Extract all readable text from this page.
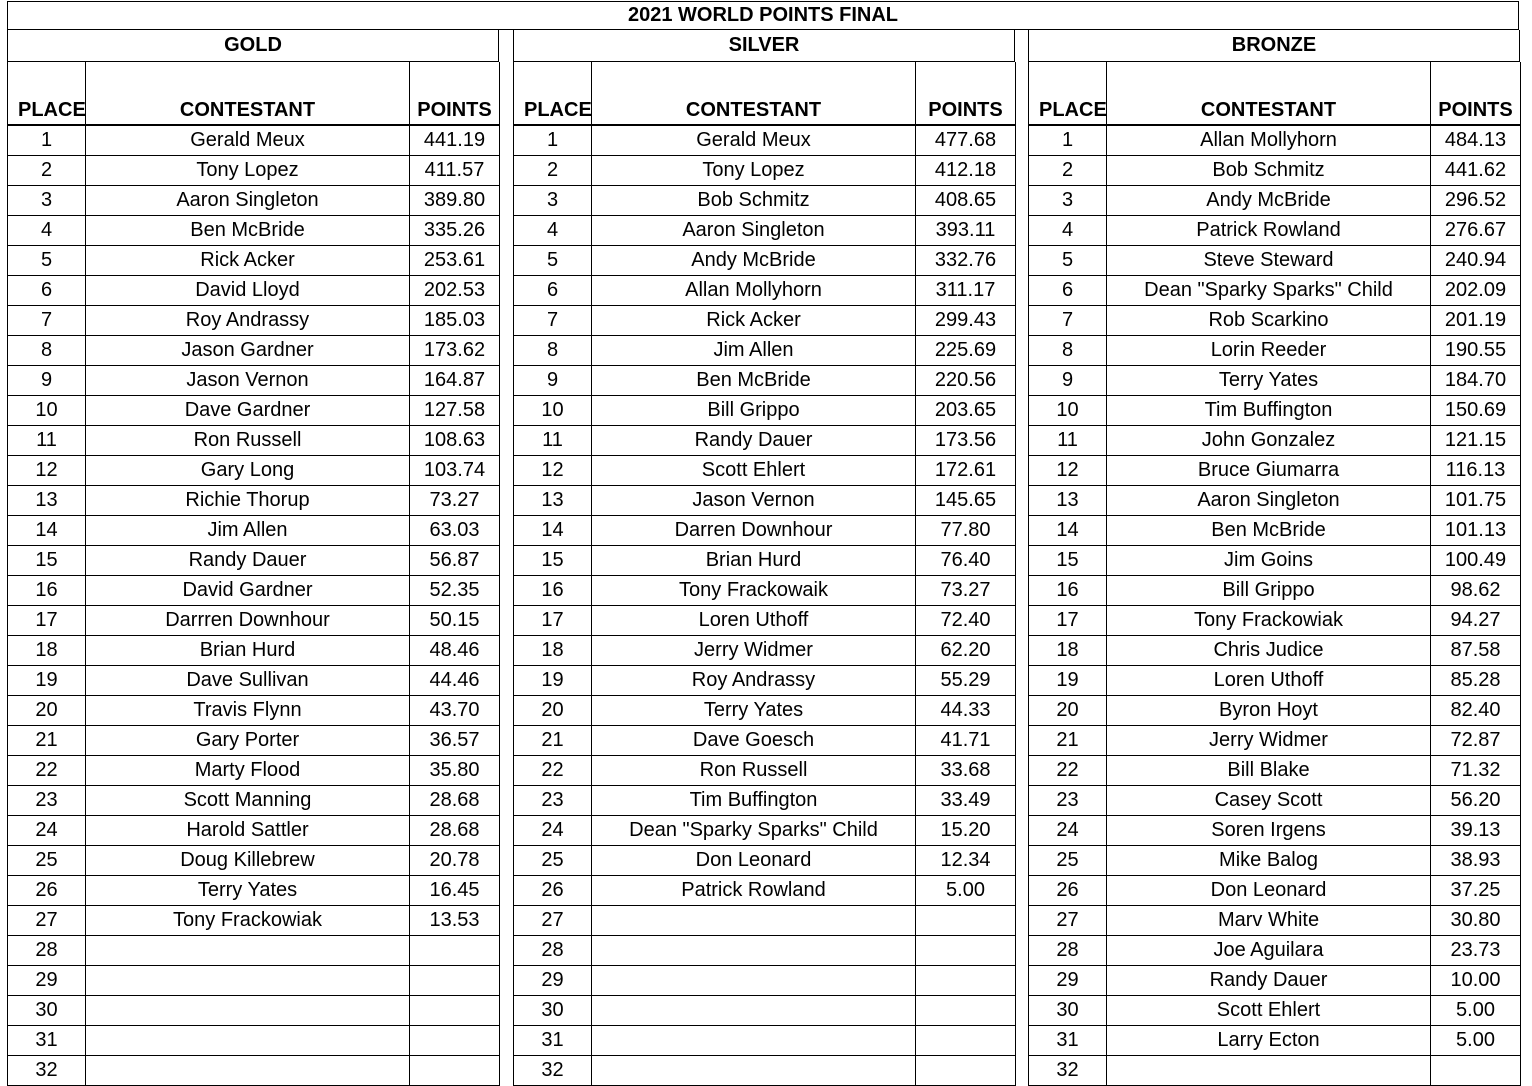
2021 WORLD POINTS FINAL
GOLD
PLACE	CONTESTANT	POINTS
1	Gerald Meux	441.19
2	Tony Lopez	411.57
3	Aaron Singleton	389.80
4	Ben McBride	335.26
5	Rick Acker	253.61
6	David Lloyd	202.53
7	Roy Andrassy	185.03
8	Jason Gardner	173.62
9	Jason Vernon	164.87
10	Dave Gardner	127.58
11	Ron Russell	108.63
12	Gary Long	103.74
13	Richie Thorup	73.27
14	Jim Allen	63.03
15	Randy Dauer	56.87
16	David Gardner	52.35
17	Darrren Downhour	50.15
18	Brian Hurd	48.46
19	Dave Sullivan	44.46
20	Travis Flynn	43.70
21	Gary Porter	36.57
22	Marty Flood	35.80
23	Scott Manning	28.68
24	Harold Sattler	28.68
25	Doug Killebrew	20.78
26	Terry Yates	16.45
27	Tony Frackowiak	13.53
28		
29		
30		
31		
32		
SILVER
PLACE	CONTESTANT	POINTS
1	Gerald Meux	477.68
2	Tony Lopez	412.18
3	Bob Schmitz	408.65
4	Aaron Singleton	393.11
5	Andy McBride	332.76
6	Allan Mollyhorn	311.17
7	Rick Acker	299.43
8	Jim Allen	225.69
9	Ben McBride	220.56
10	Bill Grippo	203.65
11	Randy Dauer	173.56
12	Scott Ehlert	172.61
13	Jason Vernon	145.65
14	Darren Downhour	77.80
15	Brian Hurd	76.40
16	Tony Frackowaik	73.27
17	Loren Uthoff	72.40
18	Jerry Widmer	62.20
19	Roy Andrassy	55.29
20	Terry Yates	44.33
21	Dave Goesch	41.71
22	Ron Russell	33.68
23	Tim Buffington	33.49
24	Dean "Sparky Sparks" Child	15.20
25	Don Leonard	12.34
26	Patrick Rowland	5.00
27		
28		
29		
30		
31		
32		
BRONZE
PLACE	CONTESTANT	POINTS
1	Allan Mollyhorn	484.13
2	Bob Schmitz	441.62
3	Andy McBride	296.52
4	Patrick Rowland	276.67
5	Steve Steward	240.94
6	Dean "Sparky Sparks" Child	202.09
7	Rob Scarkino	201.19
8	Lorin Reeder	190.55
9	Terry Yates	184.70
10	Tim Buffington	150.69
11	John Gonzalez	121.15
12	Bruce Giumarra	116.13
13	Aaron Singleton	101.75
14	Ben McBride	101.13
15	Jim Goins	100.49
16	Bill Grippo	98.62
17	Tony Frackowiak	94.27
18	Chris Judice	87.58
19	Loren Uthoff	85.28
20	Byron Hoyt	82.40
21	Jerry Widmer	72.87
22	Bill Blake	71.32
23	Casey Scott	56.20
24	Soren Irgens	39.13
25	Mike Balog	38.93
26	Don Leonard	37.25
27	Marv White	30.80
28	Joe Aguilara	23.73
29	Randy Dauer	10.00
30	Scott Ehlert	5.00
31	Larry Ecton	5.00
32		
